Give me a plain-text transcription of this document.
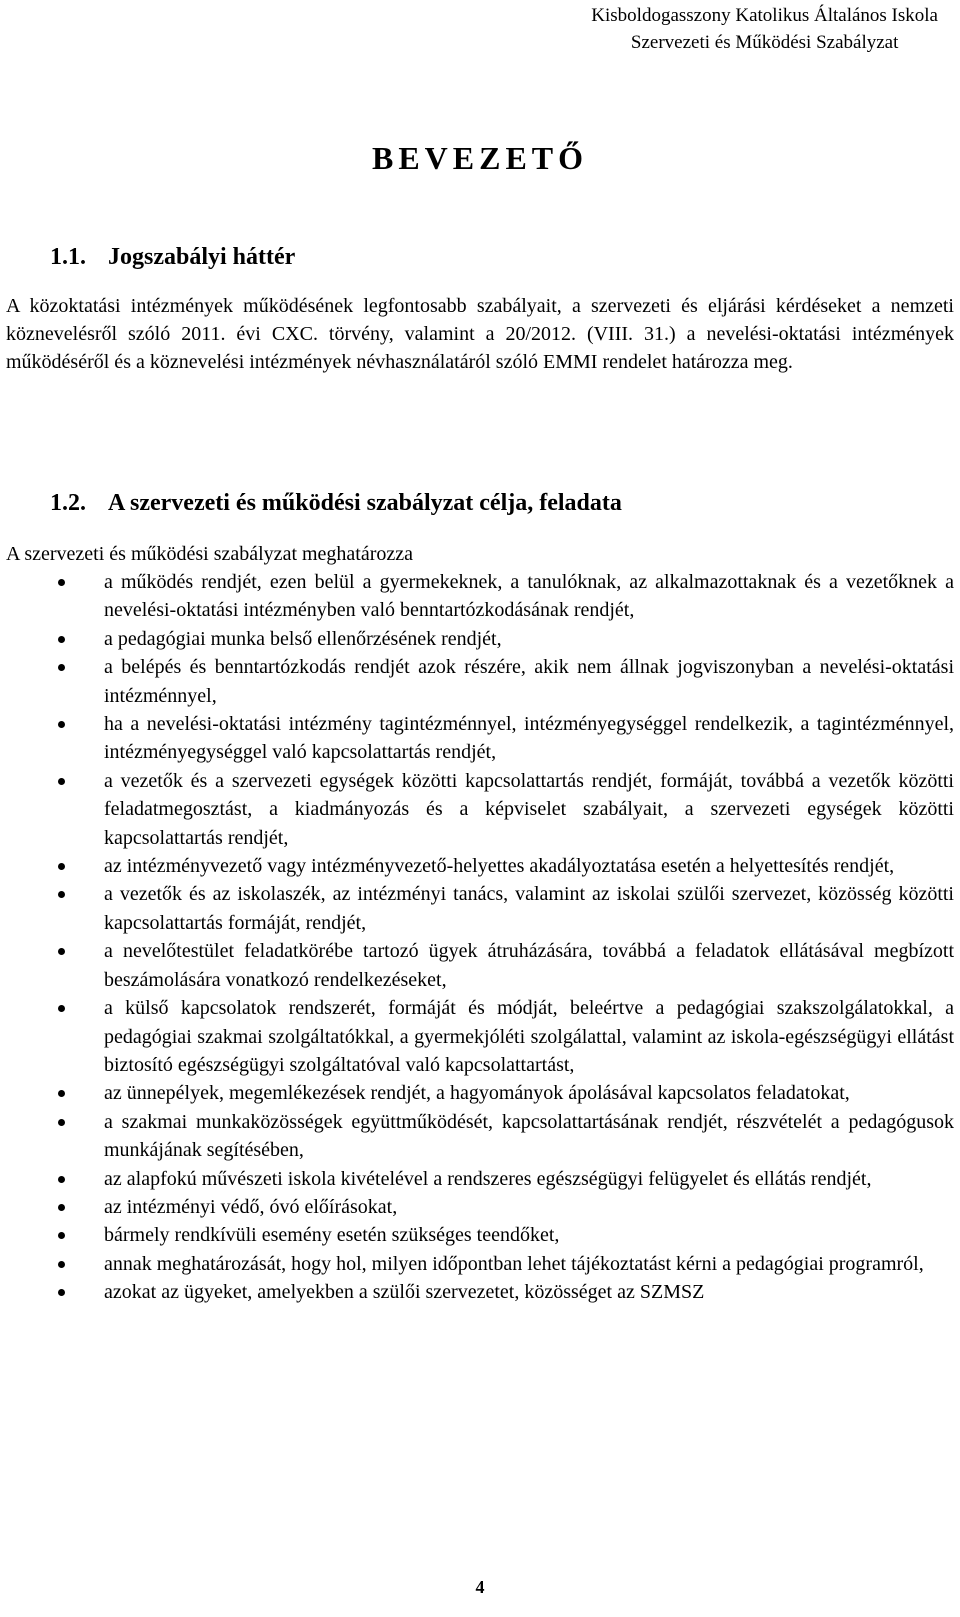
Kisboldogasszony Katolikus Általános Iskola
Szervezeti és Működési Szabályzat
BEVEZETŐ
1.1. Jogszabályi háttér
A közoktatási intézmények működésének legfontosabb szabályait, a szervezeti és eljárási kérdéseket a nemzeti köznevelésről szóló 2011. évi CXC. törvény, valamint a 20/2012. (VIII. 31.) a nevelési-oktatási intézmények működéséről és a köznevelési intézmények névhasználatáról szóló EMMI rendelet határozza meg.
1.2. A szervezeti és működési szabályzat célja, feladata
A szervezeti és működési szabályzat meghatározza
a működés rendjét, ezen belül a gyermekeknek, a tanulóknak, az alkalmazottaknak és a vezetőknek a nevelési-oktatási intézményben való benntartózkodásának rendjét,
a pedagógiai munka belső ellenőrzésének rendjét,
a belépés és benntartózkodás rendjét azok részére, akik nem állnak jogviszonyban a nevelési-oktatási intézménnyel,
ha a nevelési-oktatási intézmény tagintézménnyel, intézményegységgel rendelkezik, a tagintézménnyel, intézményegységgel való kapcsolattartás rendjét,
a vezetők és a szervezeti egységek közötti kapcsolattartás rendjét, formáját, továbbá a vezetők közötti feladatmegosztást, a kiadmányozás és a képviselet szabályait, a szervezeti egységek közötti kapcsolattartás rendjét,
az intézményvezető vagy intézményvezető-helyettes akadályoztatása esetén a helyettesítés rendjét,
a vezetők és az iskolaszék, az intézményi tanács, valamint az iskolai szülői szervezet, közösség közötti kapcsolattartás formáját, rendjét,
a nevelőtestület feladatkörébe tartozó ügyek átruházására, továbbá a feladatok ellátásával megbízott beszámolására vonatkozó rendelkezéseket,
a külső kapcsolatok rendszerét, formáját és módját, beleértve a pedagógiai szakszolgálatokkal, a pedagógiai szakmai szolgáltatókkal, a gyermekjóléti szolgálattal, valamint az iskola-egészségügyi ellátást biztosító egészségügyi szolgáltatóval való kapcsolattartást,
az ünnepélyek, megemlékezések rendjét, a hagyományok ápolásával kapcsolatos feladatokat,
a szakmai munkaközösségek együttműködését, kapcsolattartásának rendjét, részvételét a pedagógusok munkájának segítésében,
az alapfokú művészeti iskola kivételével a rendszeres egészségügyi felügyelet és ellátás rendjét,
az intézményi védő, óvó előírásokat,
bármely rendkívüli esemény esetén szükséges teendőket,
annak meghatározását, hogy hol, milyen időpontban lehet tájékoztatást kérni a pedagógiai programról,
azokat az ügyeket, amelyekben a szülői szervezetet, közösséget az SZMSZ
4
